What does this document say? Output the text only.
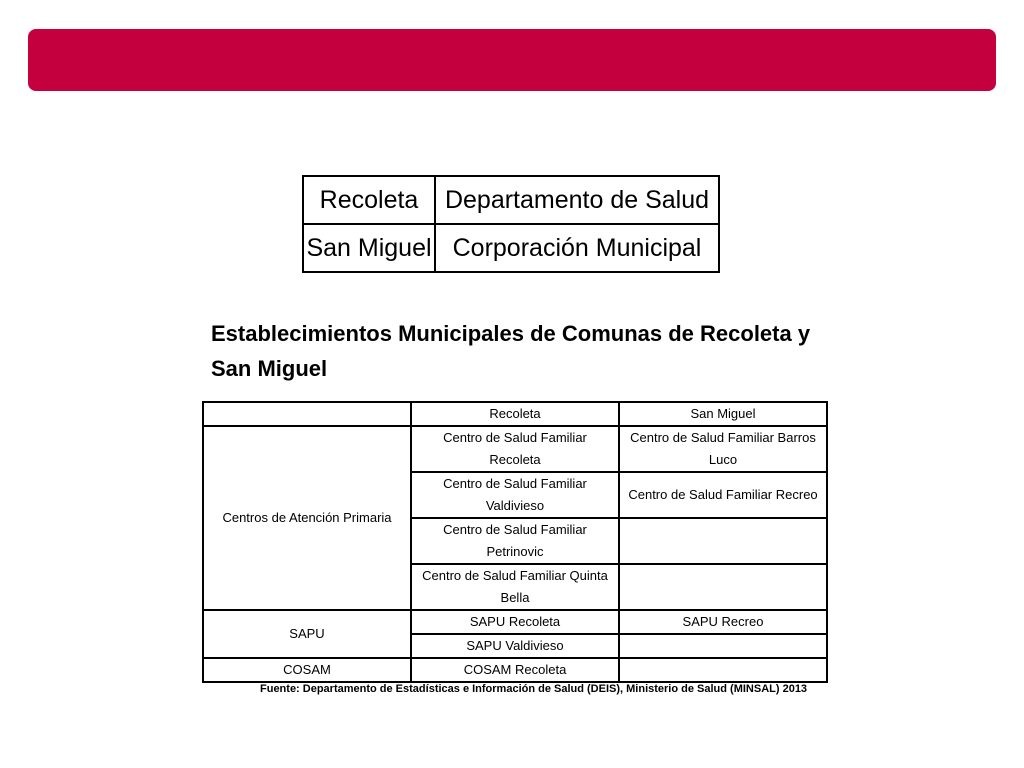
Recoleta	Departamento de Salud
San Miguel	Corporación Municipal
Establecimientos Municipales de Comunas de Recoleta y San Miguel
	Recoleta	San Miguel
Centros de Atención Primaria	Centro de Salud Familiar Recoleta	Centro de Salud Familiar Barros Luco
	Centro de Salud Familiar Valdivieso	Centro de Salud Familiar Recreo
	Centro de Salud Familiar Petrinovic	
	Centro de Salud Familiar Quinta Bella	
SAPU	SAPU Recoleta	SAPU Recreo
	SAPU Valdivieso	
COSAM	COSAM Recoleta	

Fuente: Departamento de Estadísticas e Información de Salud (DEIS), Ministerio de Salud (MINSAL) 2013
